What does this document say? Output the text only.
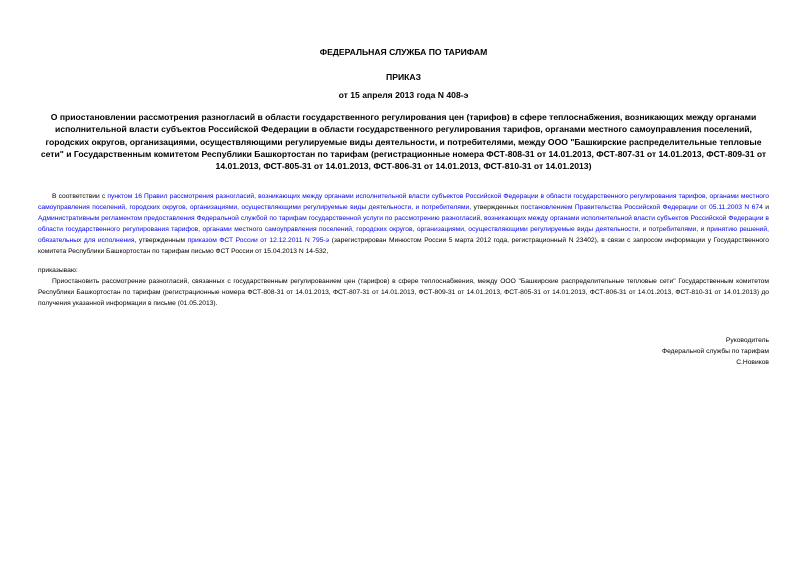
ФЕДЕРАЛЬНАЯ СЛУЖБА ПО ТАРИФАМ
ПРИКАЗ
от 15 апреля 2013 года N 408-э
О приостановлении рассмотрения разногласий в области государственного регулирования цен (тарифов) в сфере теплоснабжения, возникающих между органами исполнительной власти субъектов Российской Федерации в области государственного регулирования тарифов, органами местного самоуправления поселений, городских округов, организациями, осуществляющими регулируемые виды деятельности, и потребителями, между ООО "Башкирские распределительные тепловые сети" и Государственным комитетом Республики Башкортостан по тарифам (регистрационные номера ФСТ-808-31 от 14.01.2013, ФСТ-807-31 от 14.01.2013, ФСТ-809-31 от 14.01.2013, ФСТ-805-31 от 14.01.2013, ФСТ-806-31 от 14.01.2013, ФСТ-810-31 от 14.01.2013)
В соответствии с пунктом 16 Правил рассмотрения разногласий, возникающих между органами исполнительной власти субъектов Российской Федерации в области государственного регулирования тарифов, органами местного самоуправления поселений, городских округов, организациями, осуществляющими регулируемые виды деятельности, и потребителями, утвержденных постановлением Правительства Российской Федерации от 05.11.2003 N 674 и Административным регламентом предоставления Федеральной службой по тарифам государственной услуги по рассмотрению разногласий, возникающих между органами исполнительной власти субъектов Российской Федерации в области государственного регулирования тарифов, органами местного самоуправления поселений, городских округов, организациями, осуществляющими регулируемые виды деятельности, и потребителями, и принятию решений, обязательных для исполнения, утвержденным приказом ФСТ России от 12.12.2011 N 795-э (зарегистрирован Минюстом России 5 марта 2012 года, регистрационный N 23402), в связи с запросом информации у Государственного комитета Республики Башкортостан по тарифам письмо ФСТ России от 15.04.2013 N 14-532,
приказываю:
Приостановить рассмотрение разногласий, связанных с государственным регулированием цен (тарифов) в сфере теплоснабжения, между ООО "Башкирские распределительные тепловые сети" Государственным комитетом Республики Башкортостан по тарифам (регистрационные номера ФСТ-808-31 от 14.01.2013, ФСТ-807-31 от 14.01.2013, ФСТ-809-31 от 14.01.2013, ФСТ-805-31 от 14.01.2013, ФСТ-806-31 от 14.01.2013, ФСТ-810-31 от 14.01.2013) до получения указанной информации в письме (01.05.2013).
Руководитель
Федеральной службы по тарифам
С.Новиков
